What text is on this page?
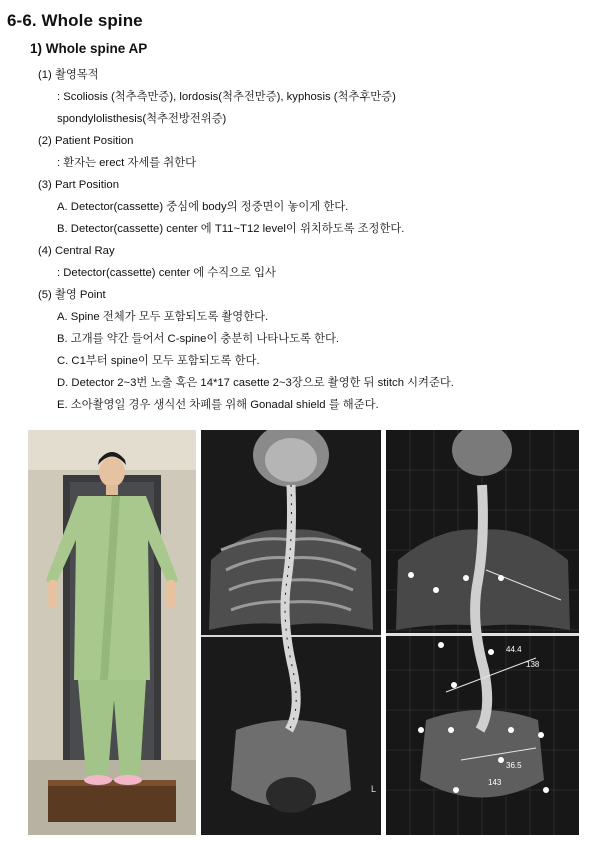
6-6. Whole spine
1) Whole spine AP
(1) 촬영목적
: Scoliosis (척추측만증), lordosis(척추전만증), kyphosis (척추후만증)
spondylolisthesis(척추전방전위증)
(2) Patient Position
: 환자는 erect 자세를 취한다
(3) Part Position
A. Detector(cassette) 중심에 body의 정중면이 놓이게 한다.
B. Detector(cassette) center 에 T11~T12 level이 위치하도록 조정한다.
(4) Central Ray
: Detector(cassette) center 에 수직으로 입사
(5) 촬영 Point
A. Spine 전체가 모두 포함되도록 촬영한다.
B. 고개를 약간 들어서 C-spine이 충분히 나타나도록 한다.
C. C1부터 spine이 모두 포함되도록 한다.
D. Detector 2~3번 노출 혹은 14*17 casette 2~3장으로 촬영한 뒤 stitch 시켜준다.
E. 소아촬영일 경우 생식선 차폐를 위해 Gonadal shield 를 해준다.
L
44.4
138
36.5
143
